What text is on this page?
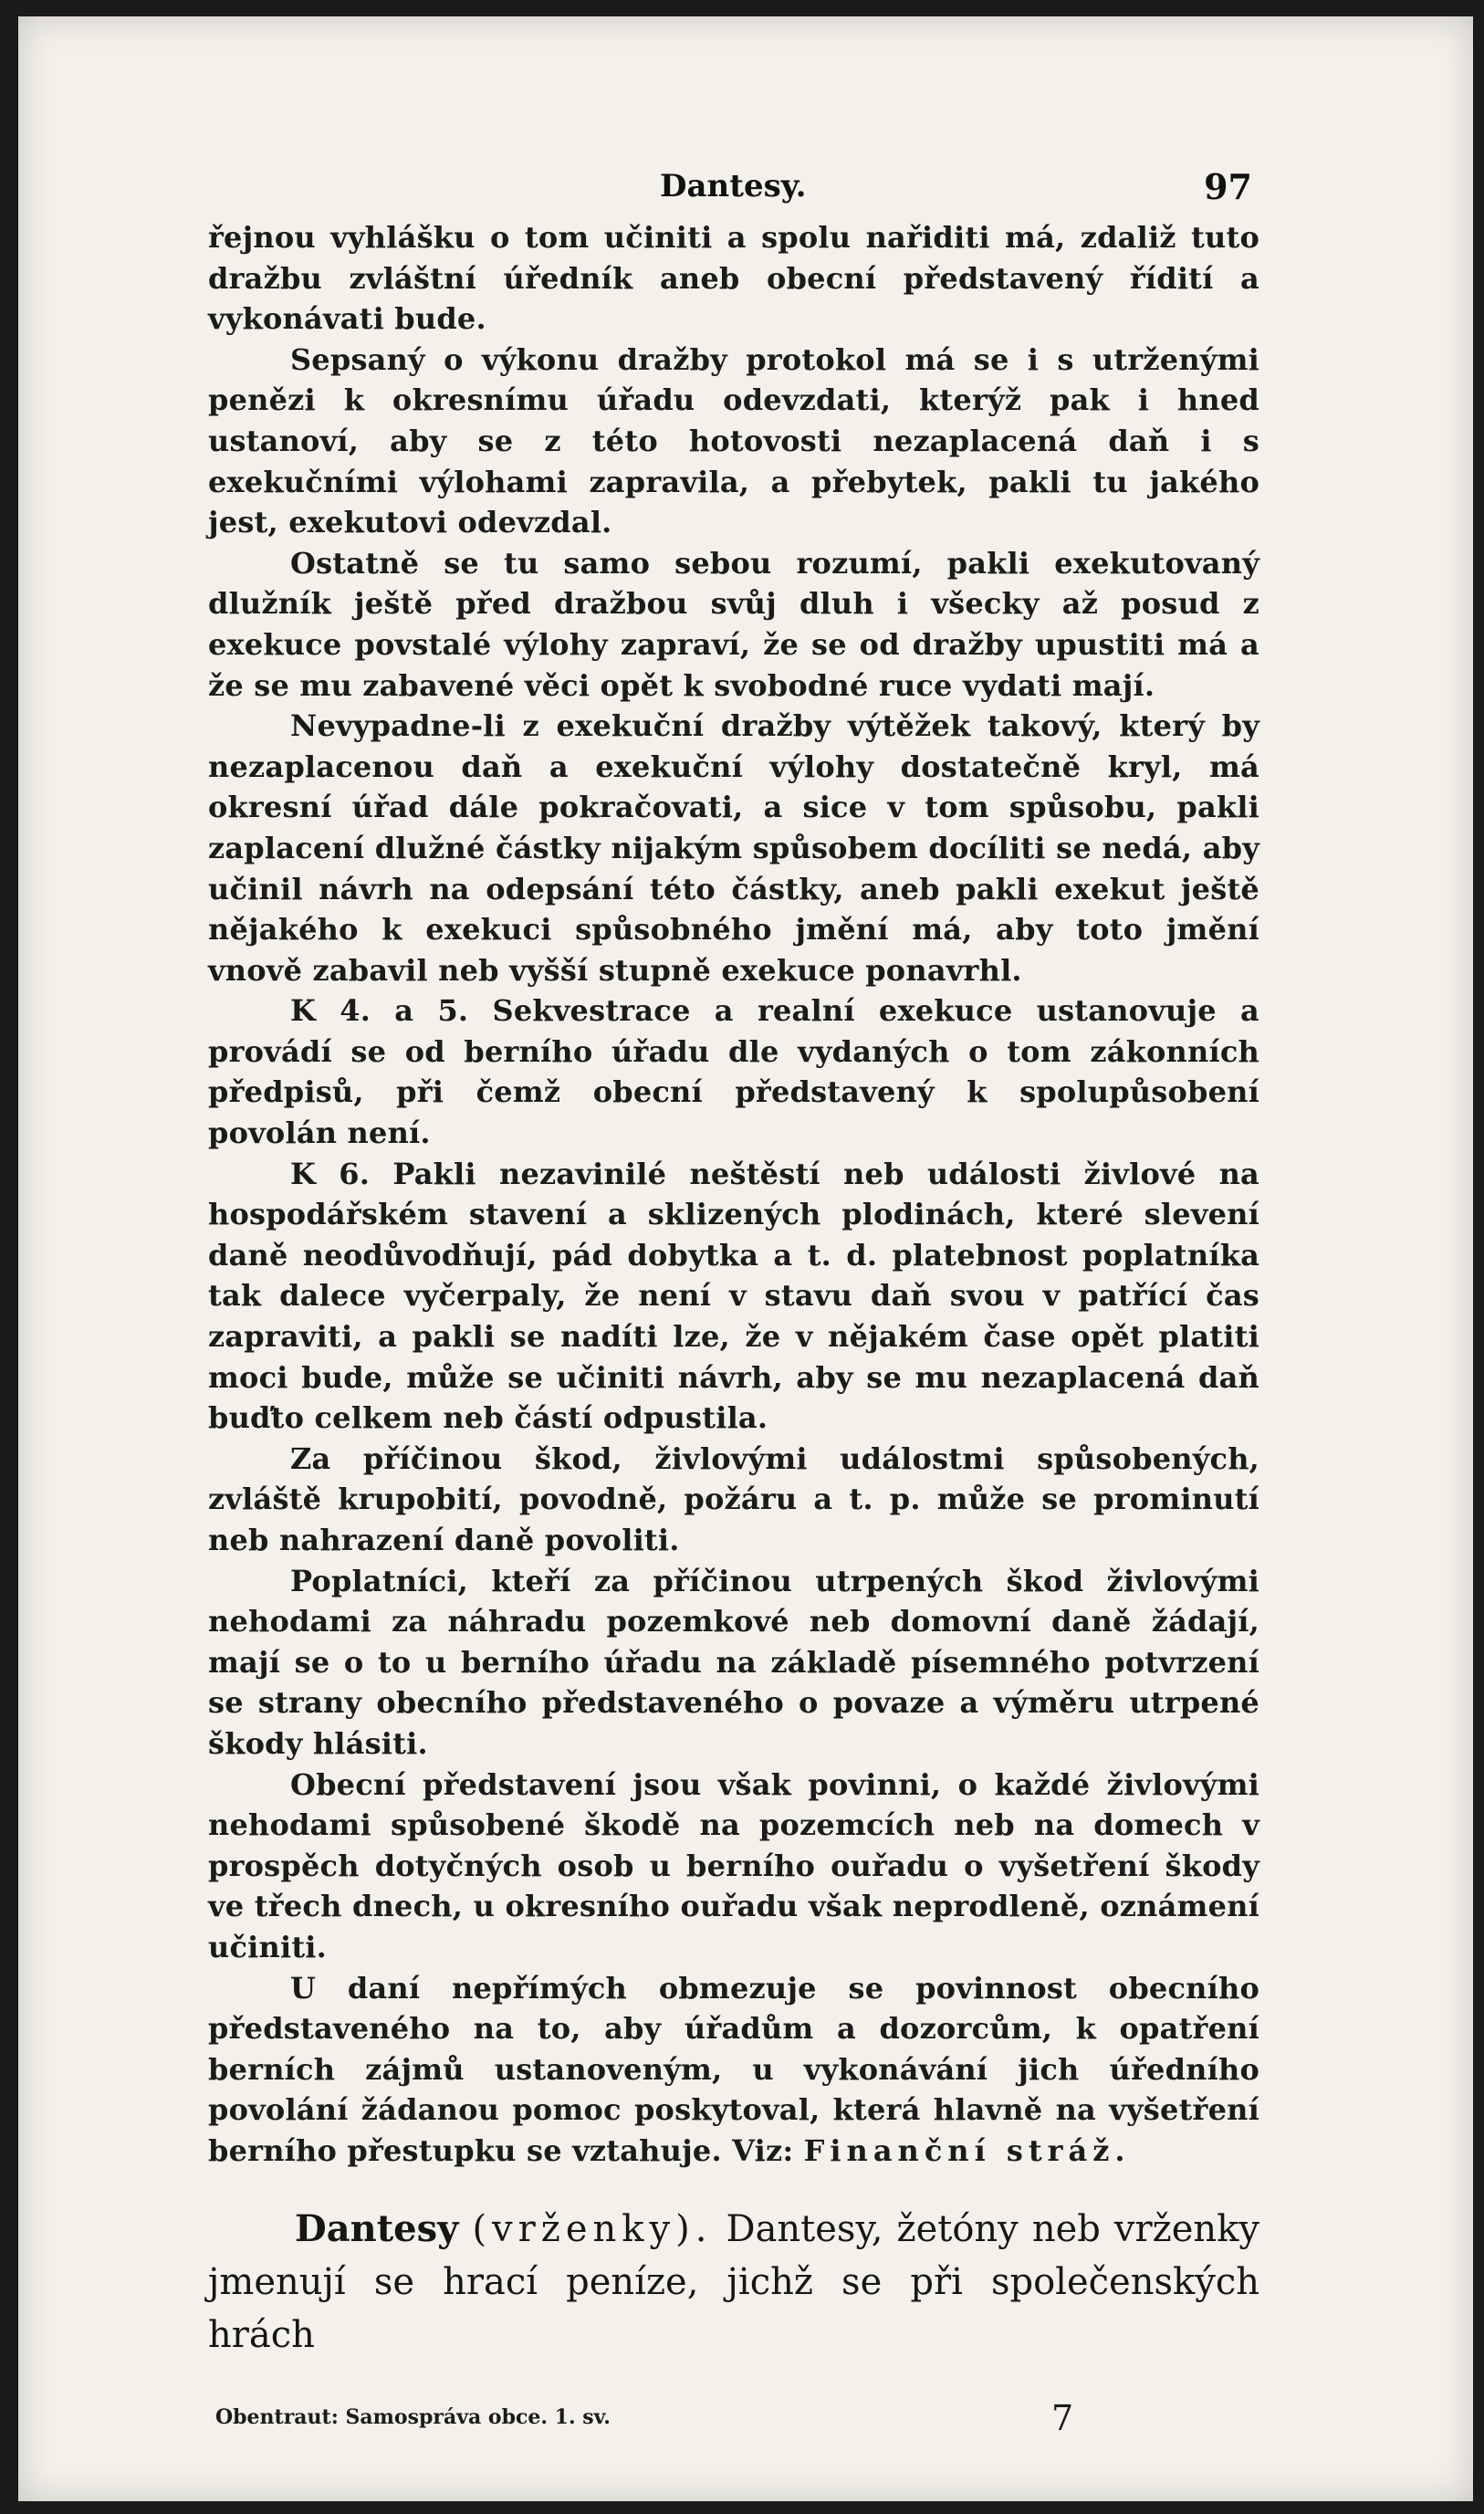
Dantesy.	97

řejnou vyhlášku o tom učiniti a spolu nařiditi má, zdaliž tuto dražbu zvláštní úředník aneb obecní představený řídití a vykonávati bude.

Sepsaný o výkonu dražby protokol má se i s utrženými penězi k okresnímu úřadu odevzdati, kterýž pak i hned ustanoví, aby se z této hotovosti nezaplacená daň i s exekučními výlohami zapravila, a přebytek, pakli tu jakého jest, exekutovi odevzdal.

Ostatně se tu samo sebou rozumí, pakli exekutovaný dlužník ještě před dražbou svůj dluh i všecky až posud z exekuce povstalé výlohy zapraví, že se od dražby upustiti má a že se mu zabavené věci opět k svobodné ruce vydati mají.

Nevypadne-li z exekuční dražby výtěžek takový, který by nezaplacenou daň a exekuční výlohy dostatečně kryl, má okresní úřad dále pokračovati, a sice v tom spůsobu, pakli zaplacení dlužné částky nijakým spůsobem docíliti se nedá, aby učinil návrh na odepsání této částky, aneb pakli exekut ještě nějakého k exekuci spůsobného jmění má, aby toto jmění vnově zabavil neb vyšší stupně exekuce ponavrhl.

K 4. a 5. Sekvestrace a realní exekuce ustanovuje a provádí se od berního úřadu dle vydaných o tom zákonních předpisů, při čemž obecní představený k spolupůsobení povolán není.

K 6. Pakli nezavinilé neštěstí neb události živlové na hospodářském stavení a sklizených plodinách, které slevení daně neodůvodňují, pád dobytka a t. d. platebnost poplatníka tak dalece vyčerpaly, že není v stavu daň svou v patřící čas zapraviti, a pakli se nadíti lze, že v nějakém čase opět platiti moci bude, může se učiniti návrh, aby se mu nezaplacená daň buďto celkem neb částí odpustila.

Za příčinou škod, živlovými událostmi spůsobených, zvláště krupobití, povodně, požáru a t. p. může se prominutí neb nahrazení daně povoliti.

Poplatníci, kteří za příčinou utrpených škod živlovými nehodami za náhradu pozemkové neb domovní daně žádají, mají se o to u berního úřadu na základě písemného potvrzení se strany obecního představeného o povaze a výměru utrpené škody hlásiti.

Obecní představení jsou však povinni, o každé živlovými nehodami spůsobené škodě na pozemcích neb na domech v prospěch dotyčných osob u berního ouřadu o vyšetření škody ve třech dnech, u okresního ouřadu však neprodleně, oznámení učiniti.

U daní nepřímých obmezuje se povinnost obecního představeného na to, aby úřadům a dozorcům, k opatření berních zájmů ustanoveným, u vykonávání jich úředního povolání žádanou pomoc poskytoval, která hlavně na vyšetření berního přestupku se vztahuje. Viz: Finanční stráž.

Dantesy (vrženky). Dantesy, žetóny neb vrženky jmenují se hrací peníze, jichž se při společenských hrách

Obentraut: Samospráva obce. 1. sv.	7
